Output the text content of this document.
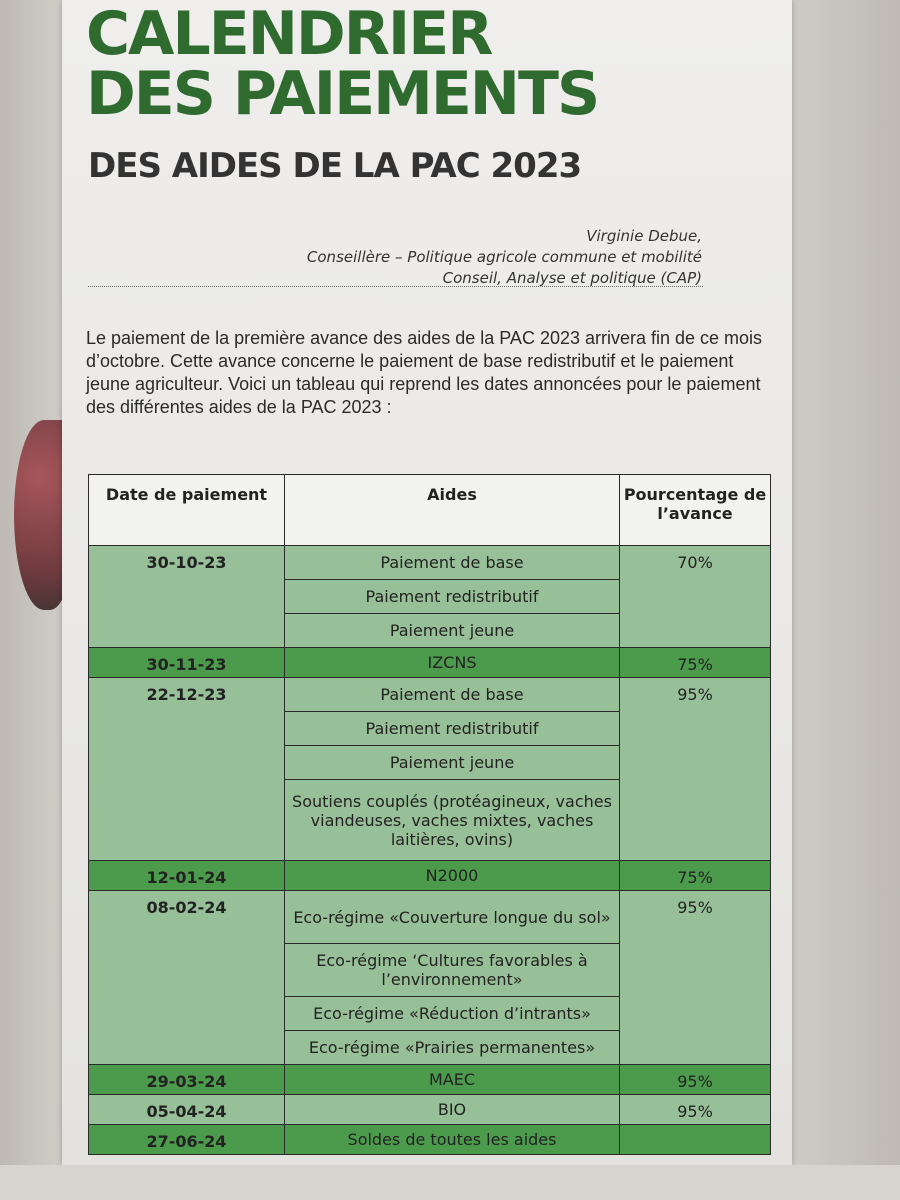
CALENDRIER
DES PAIEMENTS
DES AIDES DE LA PAC 2023
Virginie Debue,
Conseillère – Politique agricole commune et mobilité
Conseil, Analyse et politique (CAP)

Le paiement de la première avance des aides de la PAC 2023 arrivera fin de ce mois d’octobre. Cette avance concerne le paiement de base redistributif et le paiement jeune agriculteur. Voici un tableau qui reprend les dates annoncées pour le paiement des différentes aides de la PAC 2023 :

Date de paiement	Aides	Pourcentage de l’avance
30-10-23	Paiement de base	70%
	Paiement redistributif	
	Paiement jeune	
30-11-23	IZCNS	75%
22-12-23	Paiement de base	95%
	Paiement redistributif	
	Paiement jeune	
	Soutiens couplés (protéagineux, vaches viandeuses, vaches mixtes, vaches laitières, ovins)	
12-01-24	N2000	75%
08-02-24	Eco-régime «Couverture longue du sol»	95%
	Eco-régime ‘Cultures favorables à l’environnement»	
	Eco-régime «Réduction d’intrants»	
	Eco-régime «Prairies permanentes»	
29-03-24	MAEC	95%
05-04-24	BIO	95%
27-06-24	Soldes de toutes les aides	
